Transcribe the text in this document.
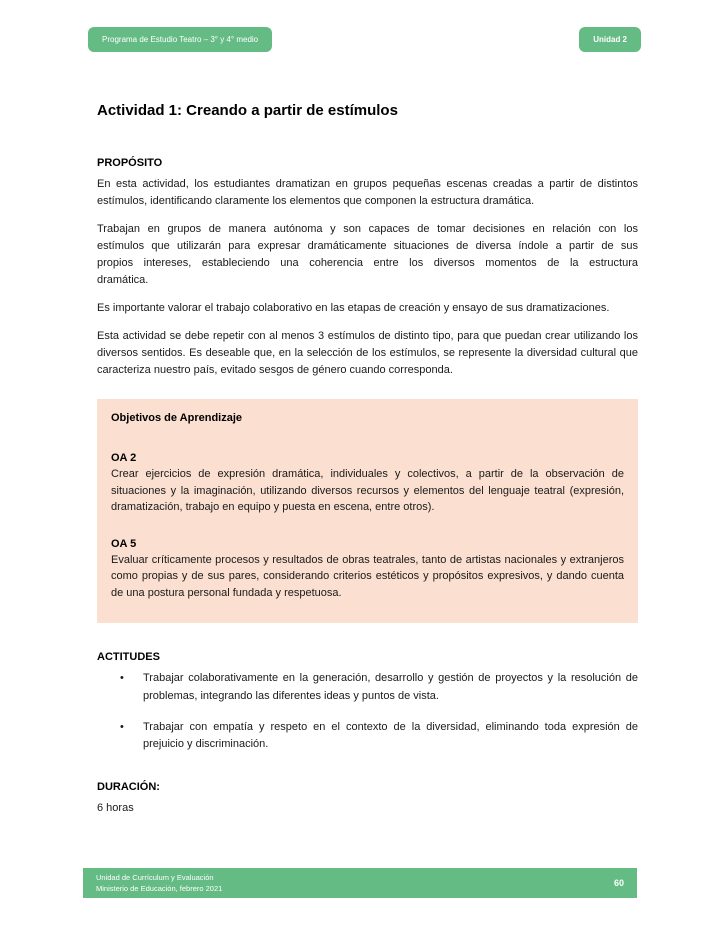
Programa de Estudio Teatro – 3° y 4° medio	Unidad 2
Actividad 1: Creando a partir de estímulos
PROPÓSITO

En esta actividad, los estudiantes dramatizan en grupos pequeñas escenas creadas a partir de distintos estímulos, identificando claramente los elementos que componen la estructura dramática.

Trabajan en grupos de manera autónoma y son capaces de tomar decisiones en relación con los estímulos que utilizarán para expresar dramáticamente situaciones de diversa índole a partir de sus propios intereses, estableciendo una coherencia entre los diversos momentos de la estructura dramática.

Es importante valorar el trabajo colaborativo en las etapas de creación y ensayo de sus dramatizaciones.

Esta actividad se debe repetir con al menos 3 estímulos de distinto tipo, para que puedan crear utilizando los diversos sentidos. Es deseable que, en la selección de los estímulos, se represente la diversidad cultural que caracteriza nuestro país, evitado sesgos de género cuando corresponda.

Objetivos de Aprendizaje
OA 2
Crear ejercicios de expresión dramática, individuales y colectivos, a partir de la observación de situaciones y la imaginación, utilizando diversos recursos y elementos del lenguaje teatral (expresión, dramatización, trabajo en equipo y puesta en escena, entre otros).
OA 5
Evaluar críticamente procesos y resultados de obras teatrales, tanto de artistas nacionales y extranjeros como propias y de sus pares, considerando criterios estéticos y propósitos expresivos, y dando cuenta de una postura personal fundada y respetuosa.
ACTITUDES
•	Trabajar colaborativamente en la generación, desarrollo y gestión de proyectos y la resolución de problemas, integrando las diferentes ideas y puntos de vista.
•	Trabajar con empatía y respeto en el contexto de la diversidad, eliminando toda expresión de prejuicio y discriminación.
DURACIÓN:
6 horas
Unidad de Currículum y Evaluación
Ministerio de Educación, febrero 2021
60
